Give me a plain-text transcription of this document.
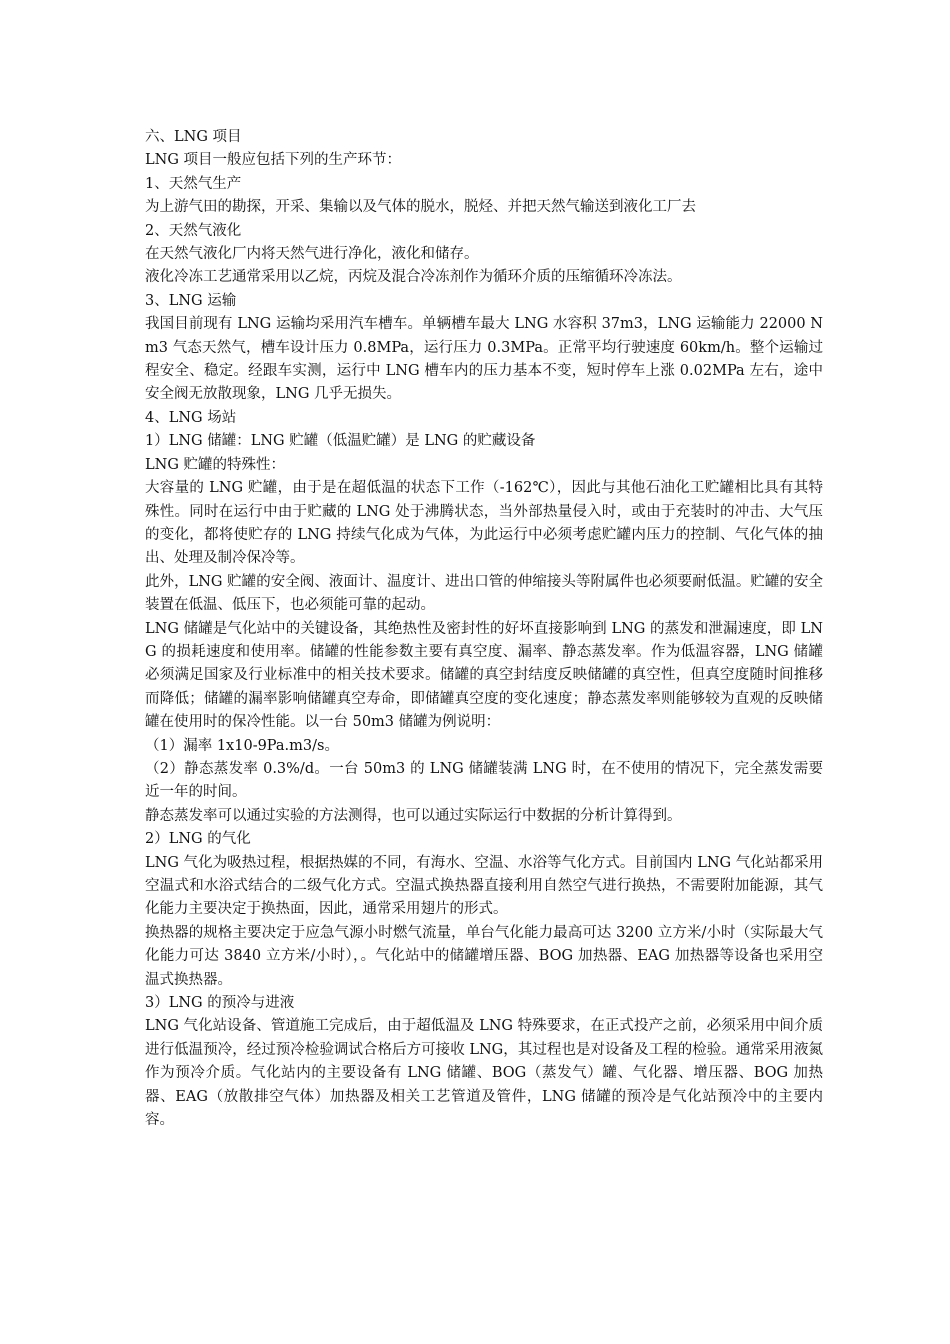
六、LNG 项目

LNG 项目一般应包括下列的生产环节：

1、天然气生产

为上游气田的勘探，开采、集输以及气体的脱水，脱烃、并把天然气输送到液化工厂去

2、天然气液化

在天然气液化厂内将天然气进行净化，液化和储存。

液化冷冻工艺通常采用以乙烷，丙烷及混合冷冻剂作为循环介质的压缩循环冷冻法。

3、LNG 运输

我国目前现有 LNG 运输均采用汽车槽车。单辆槽车最大 LNG 水容积 37m3，LNG 运输能力 22000 Nm3 气态天然气，槽车设计压力 0.8MPa，运行压力 0.3MPa。正常平均行驶速度 60km/h。整个运输过程安全、稳定。经跟车实测，运行中 LNG 槽车内的压力基本不变，短时停车上涨 0.02MPa 左右，途中安全阀无放散现象，LNG 几乎无损失。

4、LNG 场站

1）LNG 储罐：LNG 贮罐（低温贮罐）是 LNG 的贮藏设备

LNG 贮罐的特殊性：

大容量的 LNG 贮罐，由于是在超低温的状态下工作（-162℃），因此与其他石油化工贮罐相比具有其特殊性。同时在运行中由于贮藏的 LNG 处于沸腾状态，当外部热量侵入时，或由于充装时的冲击、大气压的变化，都将使贮存的 LNG 持续气化成为气体，为此运行中必须考虑贮罐内压力的控制、气化气体的抽出、处理及制冷保冷等。

此外，LNG 贮罐的安全阀、液面计、温度计、进出口管的伸缩接头等附属件也必须要耐低温。贮罐的安全装置在低温、低压下，也必须能可靠的起动。

LNG 储罐是气化站中的关键设备，其绝热性及密封性的好坏直接影响到 LNG 的蒸发和泄漏速度，即 LNG 的损耗速度和使用率。储罐的性能参数主要有真空度、漏率、静态蒸发率。作为低温容器，LNG 储罐必须满足国家及行业标准中的相关技术要求。储罐的真空封结度反映储罐的真空性，但真空度随时间推移而降低；储罐的漏率影响储罐真空寿命，即储罐真空度的变化速度；静态蒸发率则能够较为直观的反映储罐在使用时的保冷性能。以一台 50m3 储罐为例说明：

（1）漏率 1x10-9Pa.m3/s。

（2）静态蒸发率 0.3%/d。一台 50m3 的 LNG 储罐装满 LNG 时，在不使用的情况下，完全蒸发需要近一年的时间。

静态蒸发率可以通过实验的方法测得，也可以通过实际运行中数据的分析计算得到。

2）LNG 的气化

LNG 气化为吸热过程，根据热媒的不同，有海水、空温、水浴等气化方式。目前国内 LNG 气化站都采用空温式和水浴式结合的二级气化方式。空温式换热器直接利用自然空气进行换热，不需要附加能源，其气化能力主要决定于换热面，因此，通常采用翅片的形式。

换热器的规格主要决定于应急气源小时燃气流量，单台气化能力最高可达 3200 立方米/小时（实际最大气化能力可达 3840 立方米/小时），。气化站中的储罐增压器、BOG 加热器、EAG 加热器等设备也采用空温式换热器。

3）LNG 的预冷与进液

LNG 气化站设备、管道施工完成后，由于超低温及 LNG 特殊要求，在正式投产之前，必须采用中间介质进行低温预冷，经过预冷检验调试合格后方可接收 LNG，其过程也是对设备及工程的检验。通常采用液氮作为预冷介质。气化站内的主要设备有 LNG 储罐、BOG（蒸发气）罐、气化器、增压器、BOG 加热器、EAG（放散排空气体）加热器及相关工艺管道及管件，LNG 储罐的预冷是气化站预冷中的主要内容。
